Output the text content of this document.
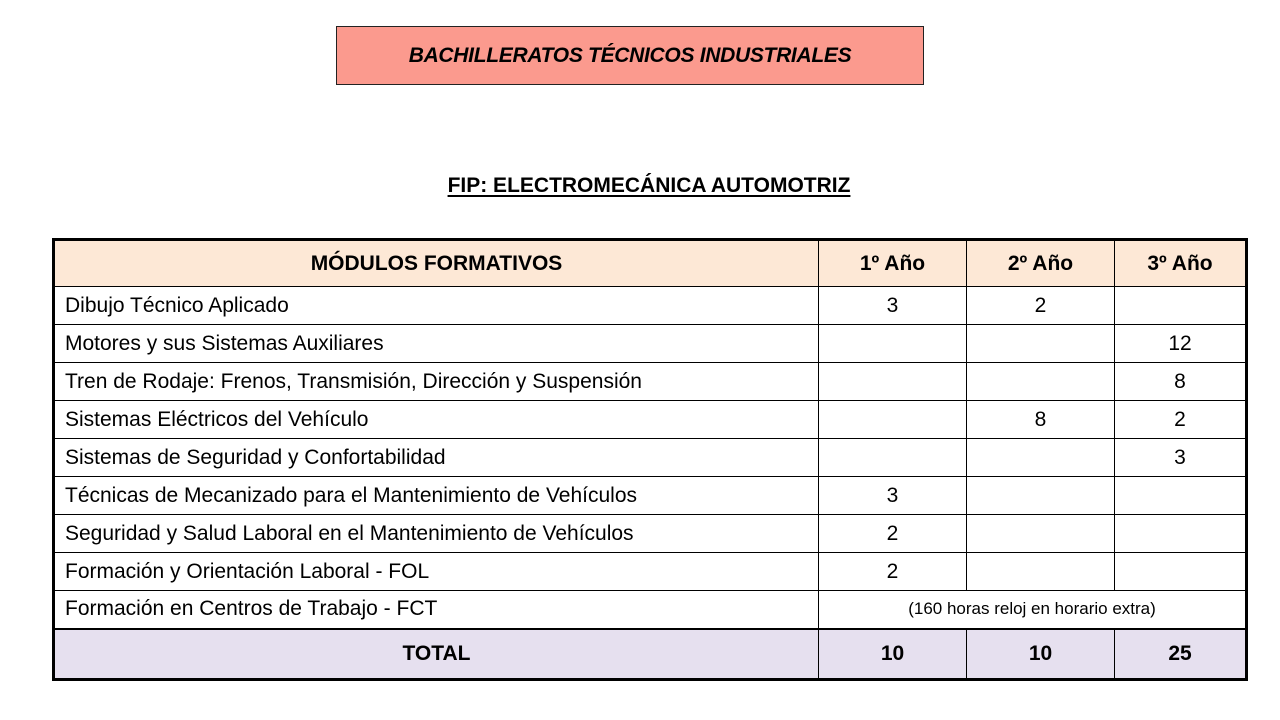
BACHILLERATOS TÉCNICOS INDUSTRIALES
FIP: ELECTROMECÁNICA AUTOMOTRIZ
MÓDULOS FORMATIVOS	1º Año	2º Año	3º Año
Dibujo Técnico Aplicado	3	2	
Motores y sus Sistemas Auxiliares			12
Tren de Rodaje: Frenos, Transmisión, Dirección y Suspensión			8
Sistemas Eléctricos del Vehículo		8	2
Sistemas de Seguridad y Confortabilidad			3
Técnicas de Mecanizado para el Mantenimiento de Vehículos	3		
Seguridad y Salud Laboral en el Mantenimiento de Vehículos	2		
Formación y Orientación Laboral - FOL	2		
Formación en Centros de Trabajo - FCT	(160 horas reloj en horario extra)		
TOTAL	10	10	25
